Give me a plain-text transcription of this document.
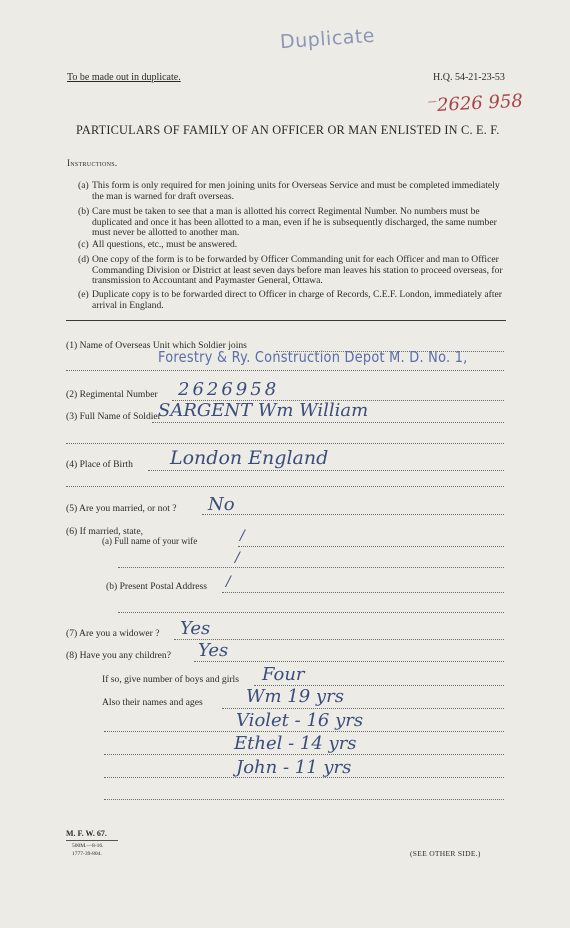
Duplicate
To be made out in duplicate.	H.Q. 54-21-23-53
—2626 958
PARTICULARS OF FAMILY OF AN OFFICER OR MAN ENLISTED IN C. E. F.
Instructions.
(a) This form is only required for men joining units for Overseas Service and must be completed immediately the man is warned for draft overseas.
(b) Care must be taken to see that a man is allotted his correct Regimental Number. No numbers must be duplicated and once it has been allotted to a man, even if he is subsequently discharged, the same number must never be allotted to another man.
(c) All questions, etc., must be answered.
(d) One copy of the form is to be forwarded by Officer Commanding unit for each Officer and man to Officer Commanding Division or District at least seven days before man leaves his station to proceed overseas, for transmission to Accountant and Paymaster General, Ottawa.
(e) Duplicate copy is to be forwarded direct to Officer in charge of Records, C.E.F. London, immediately after arrival in England.
(1) Name of Overseas Unit which Soldier joins
Forestry & Ry. Construction Depot M. D. No. 1,
(2) Regimental Number 2626958
(3) Full Name of Soldier
SARGENT Wm William
(4) Place of Birth London England
(5) Are you married, or not ? No
(6) If married, state,
(a) Full name of your wife	/
/
(b) Present Postal Address /
(7) Are you a widower ? Yes
(8) Have you any children? Yes
If so, give number of boys and girls Four
Also their names and ages Wm 19 yrs
Violet - 16 yrs
Ethel - 14 yrs
John - 11 yrs
M. F. W. 67.
500M.—8-16.
1777-39-804.	(SEE OTHER SIDE.)
